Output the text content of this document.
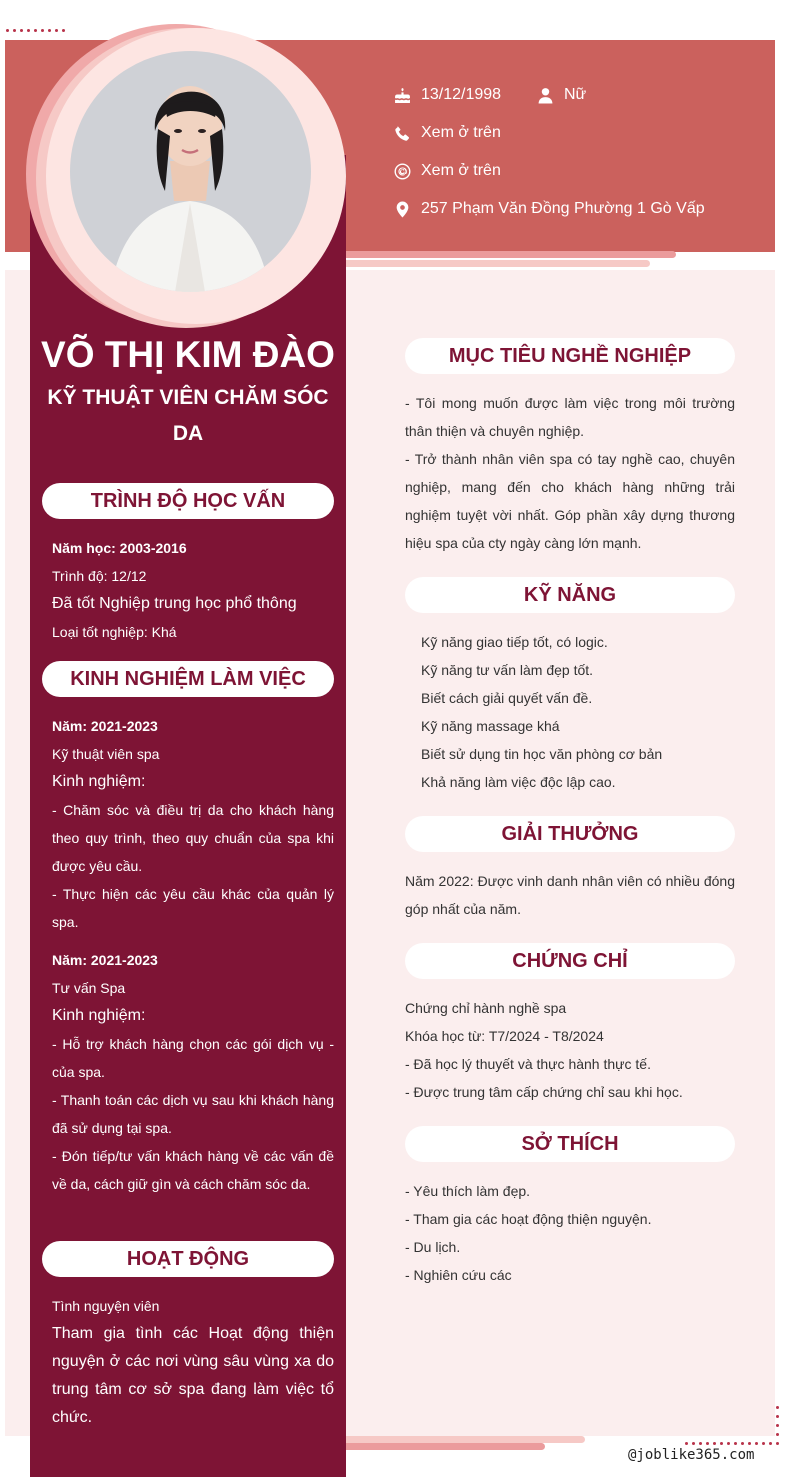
13/12/1998	Nữ
Xem ở trên
Xem ở trên
257 Phạm Văn Đồng Phường 1 Gò Vấp
VÕ THỊ KIM ĐÀO
KỸ THUẬT VIÊN CHĂM SÓC DA
TRÌNH ĐỘ HỌC VẤN
Năm học: 2003-2016
Trình độ: 12/12
Đã tốt Nghiệp trung học phổ thông
Loại tốt nghiệp: Khá
KINH NGHIỆM LÀM VIỆC
Năm: 2021-2023
Kỹ thuật viên spa
Kinh nghiệm:
- Chăm sóc và điều trị da cho khách hàng theo quy trình, theo quy chuẩn của spa khi được yêu cầu.
- Thực hiện các yêu cầu khác của quản lý spa.
Năm: 2021-2023
Tư vấn Spa
Kinh nghiệm:
- Hỗ trợ khách hàng chọn các gói dịch vụ - của spa.
- Thanh toán các dịch vụ sau khi khách hàng đã sử dụng tại spa.
- Đón tiếp/tư vấn khách hàng về các vấn đề về da, cách giữ gìn và cách chăm sóc da.
HOẠT ĐỘNG
Tình nguyện viên
Tham gia tình các Hoạt động thiện nguyện ở các nơi vùng sâu vùng xa do trung tâm cơ sở spa đang làm việc tổ chức.
MỤC TIÊU NGHỀ NGHIỆP
- Tôi mong muốn được làm việc trong môi trường thân thiện và chuyên nghiệp.
- Trở thành nhân viên spa có tay nghề cao, chuyên nghiệp, mang đến cho khách hàng những trải nghiệm tuyệt vời nhất. Góp phần xây dựng thương hiệu spa của cty ngày càng lớn mạnh.
KỸ NĂNG
Kỹ năng giao tiếp tốt, có logic.
Kỹ năng tư vấn làm đẹp tốt.
Biết cách giải quyết vấn đề.
Kỹ năng massage khá
Biết sử dụng tin học văn phòng cơ bản
Khả năng làm việc độc lập cao.
GIẢI THƯỞNG
Năm 2022: Được vinh danh nhân viên có nhiều đóng góp nhất của năm.
CHỨNG CHỈ
Chứng chỉ hành nghề spa
Khóa học từ: T7/2024 - T8/2024
- Đã học lý thuyết và thực hành thực tế.
- Được trung tâm cấp chứng chỉ sau khi học.
SỞ THÍCH
- Yêu thích làm đẹp.
- Tham gia các hoạt động thiện nguyện.
- Du lịch.
- Nghiên cứu các
@joblike365.com
